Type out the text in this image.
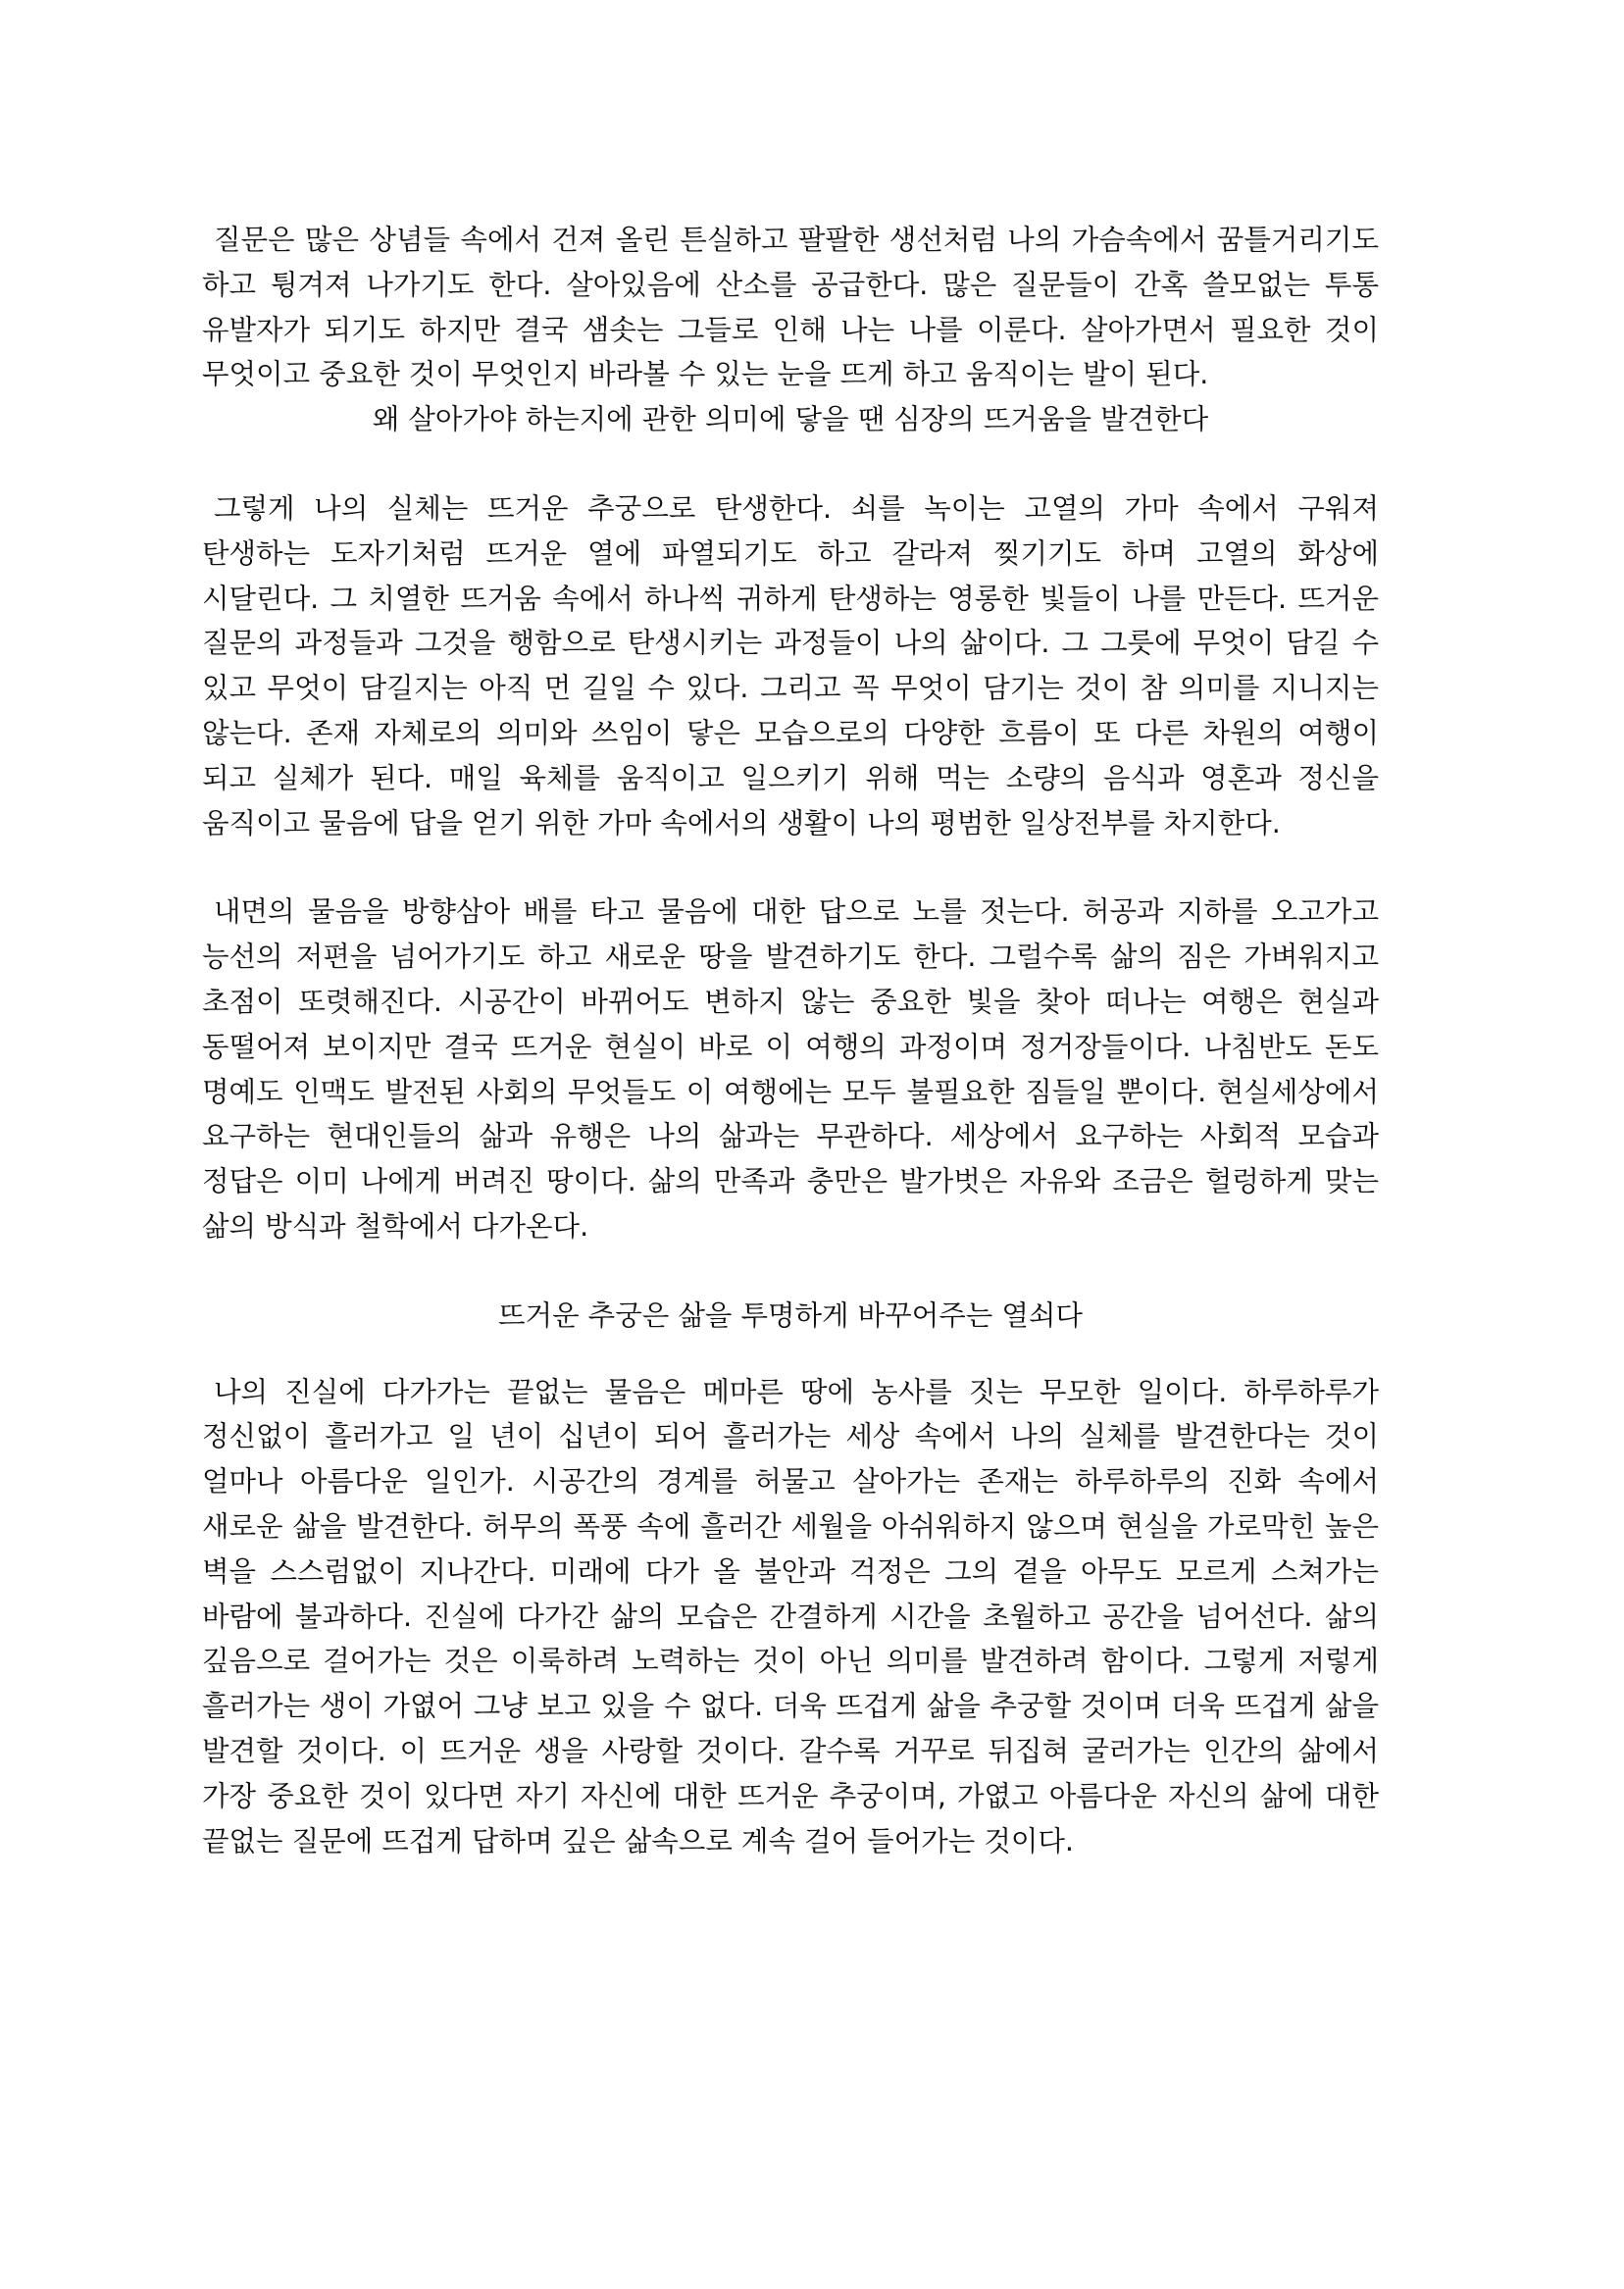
질문은 많은 상념들 속에서 건져 올린 튼실하고 팔팔한 생선처럼 나의 가슴속에서 꿈틀거리기도 하고 튕겨져 나가기도 한다. 살아있음에 산소를 공급한다. 많은 질문들이 간혹 쓸모없는 투통 유발자가 되기도 하지만 결국 샘솟는 그들로 인해 나는 나를 이룬다. 살아가면서 필요한 것이 무엇이고 중요한 것이 무엇인지 바라볼 수 있는 눈을 뜨게 하고 움직이는 발이 된다.

왜 살아가야 하는지에 관한 의미에 닿을 땐 심장의 뜨거움을 발견한다

그렇게 나의 실체는 뜨거운 추궁으로 탄생한다. 쇠를 녹이는 고열의 가마 속에서 구워져 탄생하는 도자기처럼 뜨거운 열에 파열되기도 하고 갈라져 찢기기도 하며 고열의 화상에 시달린다. 그 치열한 뜨거움 속에서 하나씩 귀하게 탄생하는 영롱한 빛들이 나를 만든다. 뜨거운 질문의 과정들과 그것을 행함으로 탄생시키는 과정들이 나의 삶이다. 그 그릇에 무엇이 담길 수 있고 무엇이 담길지는 아직 먼 길일 수 있다. 그리고 꼭 무엇이 담기는 것이 참 의미를 지니지는 않는다. 존재 자체로의 의미와 쓰임이 닿은 모습으로의 다양한 흐름이 또 다른 차원의 여행이 되고 실체가 된다. 매일 육체를 움직이고 일으키기 위해 먹는 소량의 음식과 영혼과 정신을 움직이고 물음에 답을 얻기 위한 가마 속에서의 생활이 나의 평범한 일상전부를 차지한다.

내면의 물음을 방향삼아 배를 타고 물음에 대한 답으로 노를 젓는다. 허공과 지하를 오고가고 능선의 저편을 넘어가기도 하고 새로운 땅을 발견하기도 한다. 그럴수록 삶의 짐은 가벼워지고 초점이 또렷해진다. 시공간이 바뀌어도 변하지 않는 중요한 빛을 찾아 떠나는 여행은 현실과 동떨어져 보이지만 결국 뜨거운 현실이 바로 이 여행의 과정이며 정거장들이다. 나침반도 돈도 명예도 인맥도 발전된 사회의 무엇들도 이 여행에는 모두 불필요한 짐들일 뿐이다. 현실세상에서 요구하는 현대인들의 삶과 유행은 나의 삶과는 무관하다. 세상에서 요구하는 사회적 모습과 정답은 이미 나에게 버려진 땅이다. 삶의 만족과 충만은 발가벗은 자유와 조금은 헐렁하게 맞는 삶의 방식과 철학에서 다가온다.

뜨거운 추궁은 삶을 투명하게 바꾸어주는 열쇠다

나의 진실에 다가가는 끝없는 물음은 메마른 땅에 농사를 짓는 무모한 일이다. 하루하루가 정신없이 흘러가고 일 년이 십년이 되어 흘러가는 세상 속에서 나의 실체를 발견한다는 것이 얼마나 아름다운 일인가. 시공간의 경계를 허물고 살아가는 존재는 하루하루의 진화 속에서 새로운 삶을 발견한다. 허무의 폭풍 속에 흘러간 세월을 아쉬워하지 않으며 현실을 가로막힌 높은 벽을 스스럼없이 지나간다. 미래에 다가 올 불안과 걱정은 그의 곁을 아무도 모르게 스쳐가는 바람에 불과하다. 진실에 다가간 삶의 모습은 간결하게 시간을 초월하고 공간을 넘어선다. 삶의 깊음으로 걸어가는 것은 이룩하려 노력하는 것이 아닌 의미를 발견하려 함이다. 그렇게 저렇게 흘러가는 생이 가엾어 그냥 보고 있을 수 없다. 더욱 뜨겁게 삶을 추궁할 것이며 더욱 뜨겁게 삶을 발견할 것이다. 이 뜨거운 생을 사랑할 것이다. 갈수록 거꾸로 뒤집혀 굴러가는 인간의 삶에서 가장 중요한 것이 있다면 자기 자신에 대한 뜨거운 추궁이며, 가엾고 아름다운 자신의 삶에 대한 끝없는 질문에 뜨겁게 답하며 깊은 삶속으로 계속 걸어 들어가는 것이다.
